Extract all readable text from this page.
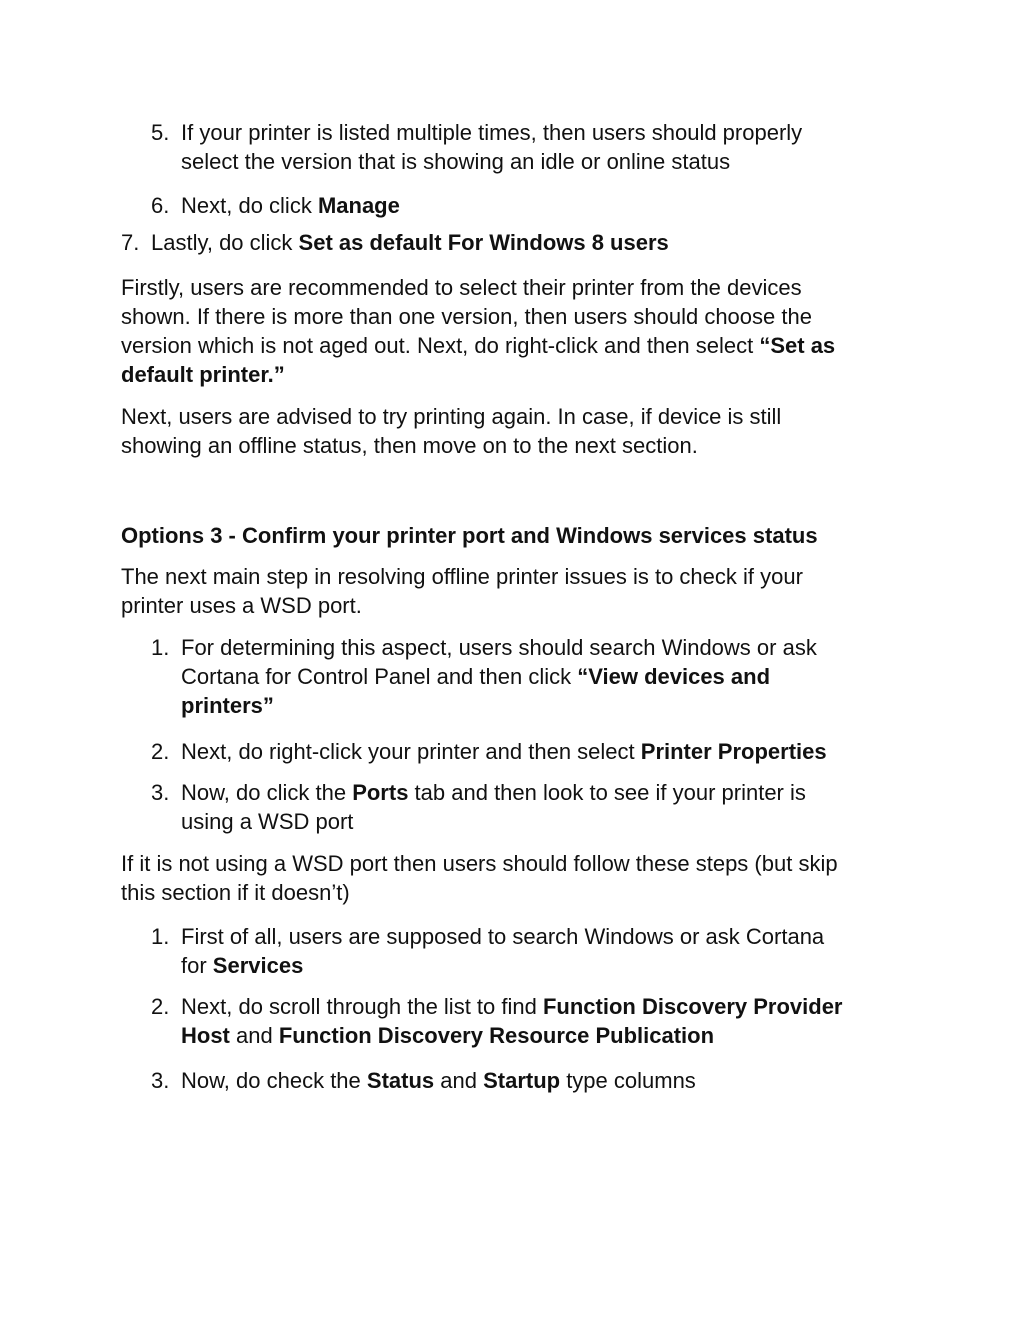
5. If your printer is listed multiple times, then users should properly
select the version that is showing an idle or online status
6. Next, do click Manage
7. Lastly, do click Set as default For Windows 8 users
Firstly, users are recommended to select their printer from the devices
shown. If there is more than one version, then users should choose the
version which is not aged out. Next, do right-click and then select “Set as
default printer.”
Next, users are advised to try printing again. In case, if device is still
showing an offline status, then move on to the next section.
Options 3 - Confirm your printer port and Windows services status
The next main step in resolving offline printer issues is to check if your
printer uses a WSD port.
1. For determining this aspect, users should search Windows or ask
Cortana for Control Panel and then click “View devices and
printers”
2. Next, do right-click your printer and then select Printer Properties
3. Now, do click the Ports tab and then look to see if your printer is
using a WSD port
If it is not using a WSD port then users should follow these steps (but skip
this section if it doesn’t)
1. First of all, users are supposed to search Windows or ask Cortana
for Services
2. Next, do scroll through the list to find Function Discovery Provider
Host and Function Discovery Resource Publication
3. Now, do check the Status and Startup type columns
